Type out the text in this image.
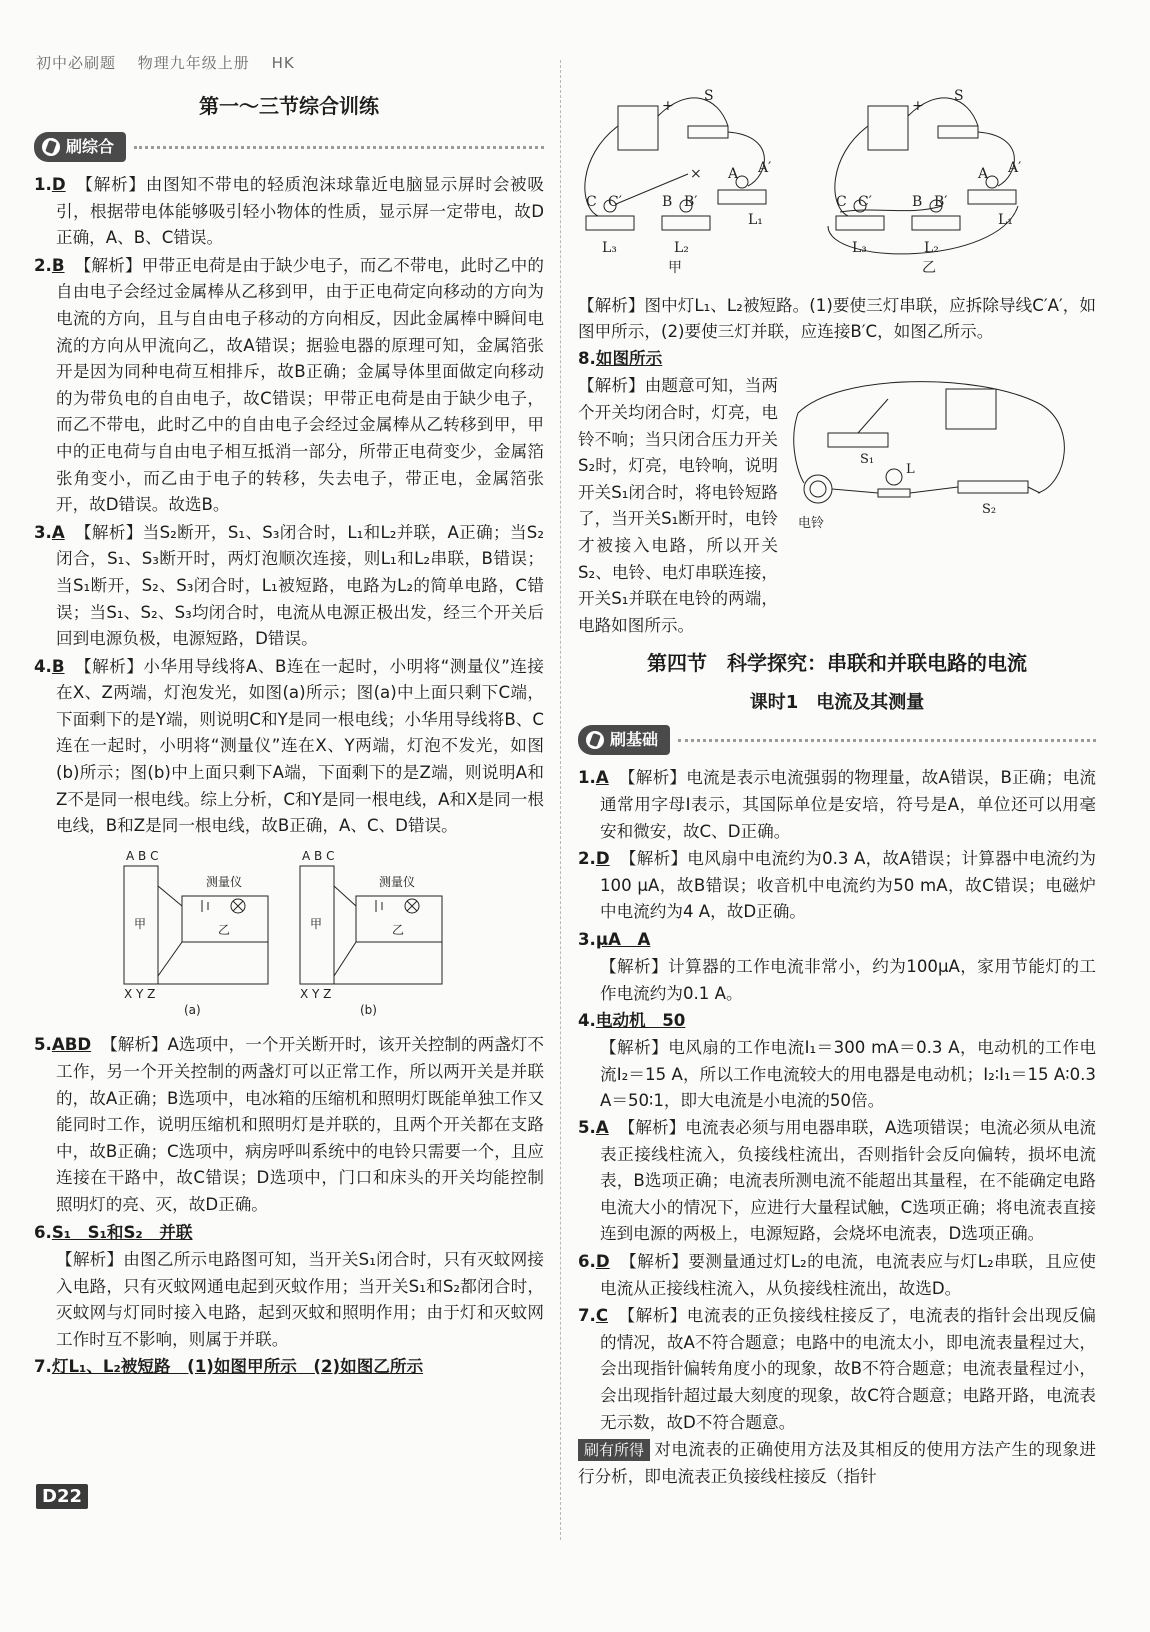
初中必刷题 物理九年级上册 HK
第一～三节综合训练
刷综合
1.D 【解析】由图知不带电的轻质泡沫球靠近电脑显示屏时会被吸引，根据带电体能够吸引轻小物体的性质，显示屏一定带电，故D正确，A、B、C错误。
2.B 【解析】甲带正电荷是由于缺少电子，而乙不带电，此时乙中的自由电子会经过金属棒从乙移到甲，由于正电荷定向移动的方向为电流的方向，且与自由电子移动的方向相反，因此金属棒中瞬间电流的方向从甲流向乙，故A错误；据验电器的原理可知，金属箔张开是因为同种电荷互相排斥，故B正确；金属导体里面做定向移动的为带负电的自由电子，故C错误；甲带正电荷是由于缺少电子，而乙不带电，此时乙中的自由电子会经过金属棒从乙转移到甲，甲中的正电荷与自由电子相互抵消一部分，所带正电荷变少，金属箔张角变小，而乙由于电子的转移，失去电子，带正电，金属箔张开，故D错误。故选B。
3.A 【解析】当S₂断开，S₁、S₃闭合时，L₁和L₂并联，A正确；当S₂闭合，S₁、S₃断开时，两灯泡顺次连接，则L₁和L₂串联，B错误；当S₁断开，S₂、S₃闭合时，L₁被短路，电路为L₂的简单电路，C错误；当S₁、S₂、S₃均闭合时，电流从电源正极出发，经三个开关后回到电源负极，电源短路，D错误。
4.B 【解析】小华用导线将A、B连在一起时，小明将“测量仪”连接在X、Z两端，灯泡发光，如图(a)所示；图(a)中上面只剩下C端，下面剩下的是Y端，则说明C和Y是同一根电线；小华用导线将B、C连在一起时，小明将“测量仪”连在X、Y两端，灯泡不发光，如图(b)所示；图(b)中上面只剩下A端，下面剩下的是Z端，则说明A和Z不是同一根电线。综上分析，C和Y是同一根电线，A和X是同一根电线，B和Z是同一根电线，故B正确，A、C、D错误。
A B C
甲
X Y Z
测量仪
乙
(a)
A B C
甲
X Y Z
测量仪
乙
(b)
5.ABD 【解析】A选项中，一个开关断开时，该开关控制的两盏灯不工作，另一个开关控制的两盏灯可以正常工作，所以两开关是并联的，故A正确；B选项中，电冰箱的压缩机和照明灯既能单独工作又能同时工作，说明压缩机和照明灯是并联的，且两个开关都在支路中，故B正确；C选项中，病房呼叫系统中的电铃只需要一个，且应连接在干路中，故C错误；D选项中，门口和床头的开关均能控制照明灯的亮、灭，故D正确。
6.S₁　S₁和S₂　并联
【解析】由图乙所示电路图可知，当开关S₁闭合时，只有灭蚊网接入电路，只有灭蚊网通电起到灭蚊作用；当开关S₁和S₂都闭合时，灭蚊网与灯同时接入电路，起到灭蚊和照明作用；由于灯和灭蚊网工作时互不影响，则属于并联。
7.灯L₁、L₂被短路　(1)如图甲所示　(2)如图乙所示
+
S
A A′
L₁
B B′
L₂
C C′
L₃
×
甲
+
S
A A′
L₁
B B′
L₂
C C′
L₃
乙
【解析】图中灯L₁、L₂被短路。(1)要使三灯串联，应拆除导线C′A′，如图甲所示，(2)要使三灯并联，应连接B′C，如图乙所示。
8.如图所示
【解析】由题意可知，当两个开关均闭合时，灯亮，电铃不响；当只闭合压力开关S₂时，灯亮，电铃响，说明开关S₁闭合时，将电铃短路了，当开关S₁断开时，电铃才被接入电路，所以开关S₂、电铃、电灯串联连接，开关S₁并联在电铃的两端，电路如图所示。
S₁
电铃
L
S₂
第四节　科学探究：串联和并联电路的电流
课时1　电流及其测量
刷基础
1.A 【解析】电流是表示电流强弱的物理量，故A错误，B正确；电流通常用字母I表示，其国际单位是安培，符号是A，单位还可以用毫安和微安，故C、D正确。
2.D 【解析】电风扇中电流约为0.3 A，故A错误；计算器中电流约为100 μA，故B错误；收音机中电流约为50 mA，故C错误；电磁炉中电流约为4 A，故D正确。
3.μA　A
【解析】计算器的工作电流非常小，约为100μA，家用节能灯的工作电流约为0.1 A。
4.电动机　50
【解析】电风扇的工作电流I₁＝300 mA＝0.3 A，电动机的工作电流I₂＝15 A，所以工作电流较大的用电器是电动机；I₂∶I₁＝15 A∶0.3 A＝50∶1，即大电流是小电流的50倍。
5.A 【解析】电流表必须与用电器串联，A选项错误；电流必须从电流表正接线柱流入，负接线柱流出，否则指针会反向偏转，损坏电流表，B选项正确；电流表所测电流不能超出其量程，在不能确定电路电流大小的情况下，应进行大量程试触，C选项正确；将电流表直接连到电源的两极上，电源短路，会烧坏电流表，D选项正确。
6.D 【解析】要测量通过灯L₂的电流，电流表应与灯L₂串联，且应使电流从正接线柱流入，从负接线柱流出，故选D。
7.C 【解析】电流表的正负接线柱接反了，电流表的指针会出现反偏的情况，故A不符合题意；电路中的电流太小，即电流表量程过大，会出现指针偏转角度小的现象，故B不符合题意；电流表量程过小，会出现指针超过最大刻度的现象，故C符合题意；电路开路，电流表无示数，故D不符合题意。
刷有所得 对电流表的正确使用方法及其相反的使用方法产生的现象进行分析，即电流表正负接线柱接反（指针
D22
